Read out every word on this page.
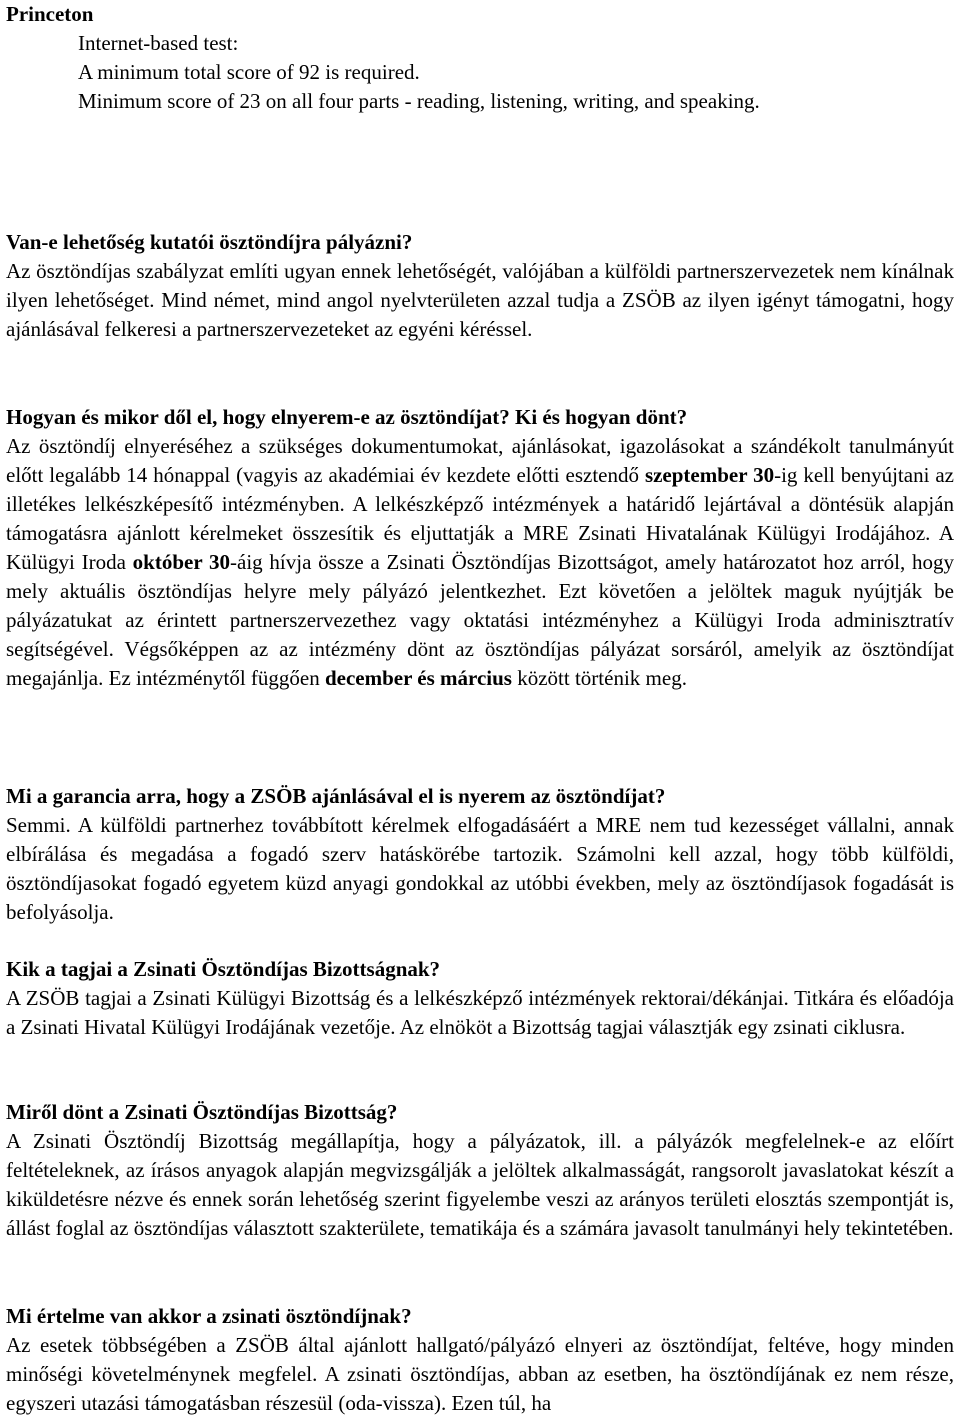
Princeton

Internet-based test:

A minimum total score of 92 is required.

Minimum score of 23 on all four parts - reading, listening, writing, and speaking.

Van-e lehetőség kutatói ösztöndíjra pályázni?

Az ösztöndíjas szabályzat említi ugyan ennek lehetőségét, valójában a külföldi partnerszervezetek nem kínálnak ilyen lehetőséget. Mind német, mind angol nyelvterületen azzal tudja a ZSÖB az ilyen igényt támogatni, hogy ajánlásával felkeresi a partnerszervezeteket az egyéni kéréssel.

Hogyan és mikor dől el, hogy elnyerem-e az ösztöndíjat? Ki és hogyan dönt?

Az ösztöndíj elnyeréséhez a szükséges dokumentumokat, ajánlásokat, igazolásokat a szándékolt tanulmányút előtt legalább 14 hónappal (vagyis az akadémiai év kezdete előtti esztendő szeptember 30-ig kell benyújtani az illetékes lelkészképesítő intézményben. A lelkészképző intézmények a határidő lejártával a döntésük alapján támogatásra ajánlott kérelmeket összesítik és eljuttatják a MRE Zsinati Hivatalának Külügyi Irodájához. A Külügyi Iroda október 30-áig hívja össze a Zsinati Ösztöndíjas Bizottságot, amely határozatot hoz arról, hogy mely aktuális ösztöndíjas helyre mely pályázó jelentkezhet. Ezt követően a jelöltek maguk nyújtják be pályázatukat az érintett partnerszervezethez vagy oktatási intézményhez a Külügyi Iroda adminisztratív segítségével. Végsőképpen az az intézmény dönt az ösztöndíjas pályázat sorsáról, amelyik az ösztöndíjat megajánlja. Ez intézménytől függően december és március között történik meg.

Mi a garancia arra, hogy a ZSÖB ajánlásával el is nyerem az ösztöndíjat?

Semmi. A külföldi partnerhez továbbított kérelmek elfogadásáért a MRE nem tud kezességet vállalni, annak elbírálása és megadása a fogadó szerv hatáskörébe tartozik. Számolni kell azzal, hogy több külföldi, ösztöndíjasokat fogadó egyetem küzd anyagi gondokkal az utóbbi években, mely az ösztöndíjasok fogadását is befolyásolja.

Kik a tagjai a Zsinati Ösztöndíjas Bizottságnak?

A ZSÖB tagjai a Zsinati Külügyi Bizottság és a lelkészképző intézmények rektorai/dékánjai. Titkára és előadója a Zsinati Hivatal Külügyi Irodájának vezetője. Az elnököt a Bizottság tagjai választják egy zsinati ciklusra.

Miről dönt a Zsinati Ösztöndíjas Bizottság?

A Zsinati Ösztöndíj Bizottság megállapítja, hogy a pályázatok, ill. a pályázók megfelelnek-e az előírt feltételeknek, az írásos anyagok alapján megvizsgálják a jelöltek alkalmasságát, rangsorolt javaslatokat készít a kiküldetésre nézve és ennek során lehetőség szerint figyelembe veszi az arányos területi elosztás szempontját is, állást foglal az ösztöndíjas választott szakterülete, tematikája és a számára javasolt tanulmányi hely tekintetében.

Mi értelme van akkor a zsinati ösztöndíjnak?

Az esetek többségében a ZSÖB által ajánlott hallgató/pályázó elnyeri az ösztöndíjat, feltéve, hogy minden minőségi követelménynek megfelel. A zsinati ösztöndíjas, abban az esetben, ha ösztöndíjának ez nem része, egyszeri utazási támogatásban részesül (oda-vissza). Ezen túl, ha
